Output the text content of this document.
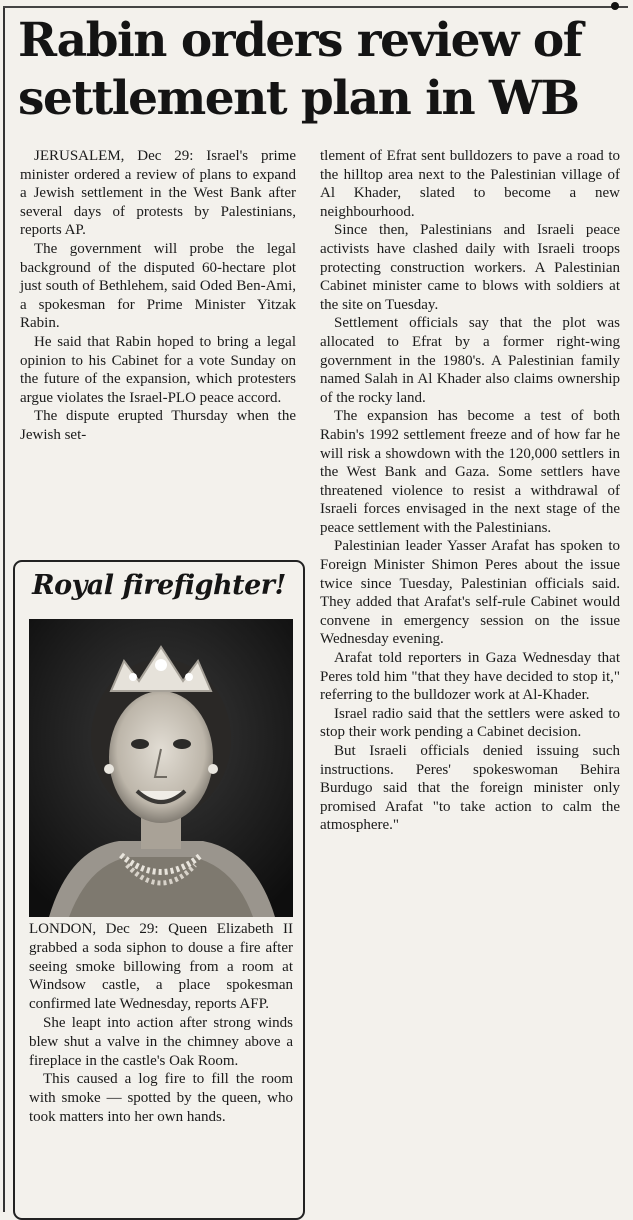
Rabin orders review of
settlement plan in WB

JERUSALEM, Dec 29: Israel's prime minister ordered a review of plans to expand a Jewish settlement in the West Bank after several days of protests by Palestinians, reports AP.

The government will probe the legal background of the disputed 60-hectare plot just south of Bethlehem, said Oded Ben-Ami, a spokesman for Prime Minister Yitzak Rabin.

He said that Rabin hoped to bring a legal opinion to his Cabinet for a vote Sunday on the future of the expansion, which protesters argue violates the Israel-PLO peace accord.

The dispute erupted Thursday when the Jewish set-

tlement of Efrat sent bulldozers to pave a road to the hilltop area next to the Palestinian village of Al Khader, slated to become a new neighbourhood.

Since then, Palestinians and Israeli peace activists have clashed daily with Israeli troops protecting construction workers. A Palestinian Cabinet minister came to blows with soldiers at the site on Tuesday.

Settlement officials say that the plot was allocated to Efrat by a former right-wing government in the 1980's. A Palestinian family named Salah in Al Khader also claims ownership of the rocky land.

The expansion has become a test of both Rabin's 1992 settlement freeze and of how far he will risk a showdown with the 120,000 settlers in the West Bank and Gaza. Some settlers have threatened violence to resist a withdrawal of Israeli forces envisaged in the next stage of the peace settlement with the Palestinians.

Palestinian leader Yasser Arafat has spoken to Foreign Minister Shimon Peres about the issue twice since Tuesday, Palestinian officials said. They added that Arafat's self-rule Cabinet would convene in emergency session on the issue Wednesday evening.

Arafat told reporters in Gaza Wednesday that Peres told him "that they have decided to stop it," referring to the bulldozer work at Al-Khader.

Israel radio said that the settlers were asked to stop their work pending a Cabinet decision.

But Israeli officials denied issuing such instructions. Peres' spokeswoman Behira Burdugo said that the foreign minister only promised Arafat "to take action to calm the atmosphere."

Royal firefighter!

LONDON, Dec 29: Queen Elizabeth II grabbed a soda siphon to douse a fire after seeing smoke billowing from a room at Windsow castle, a place spokesman confirmed late Wednesday, reports AFP.

She leapt into action after strong winds blew shut a valve in the chimney above a fireplace in the castle's Oak Room.

This caused a log fire to fill the room with smoke — spotted by the queen, who took matters into her own hands.
